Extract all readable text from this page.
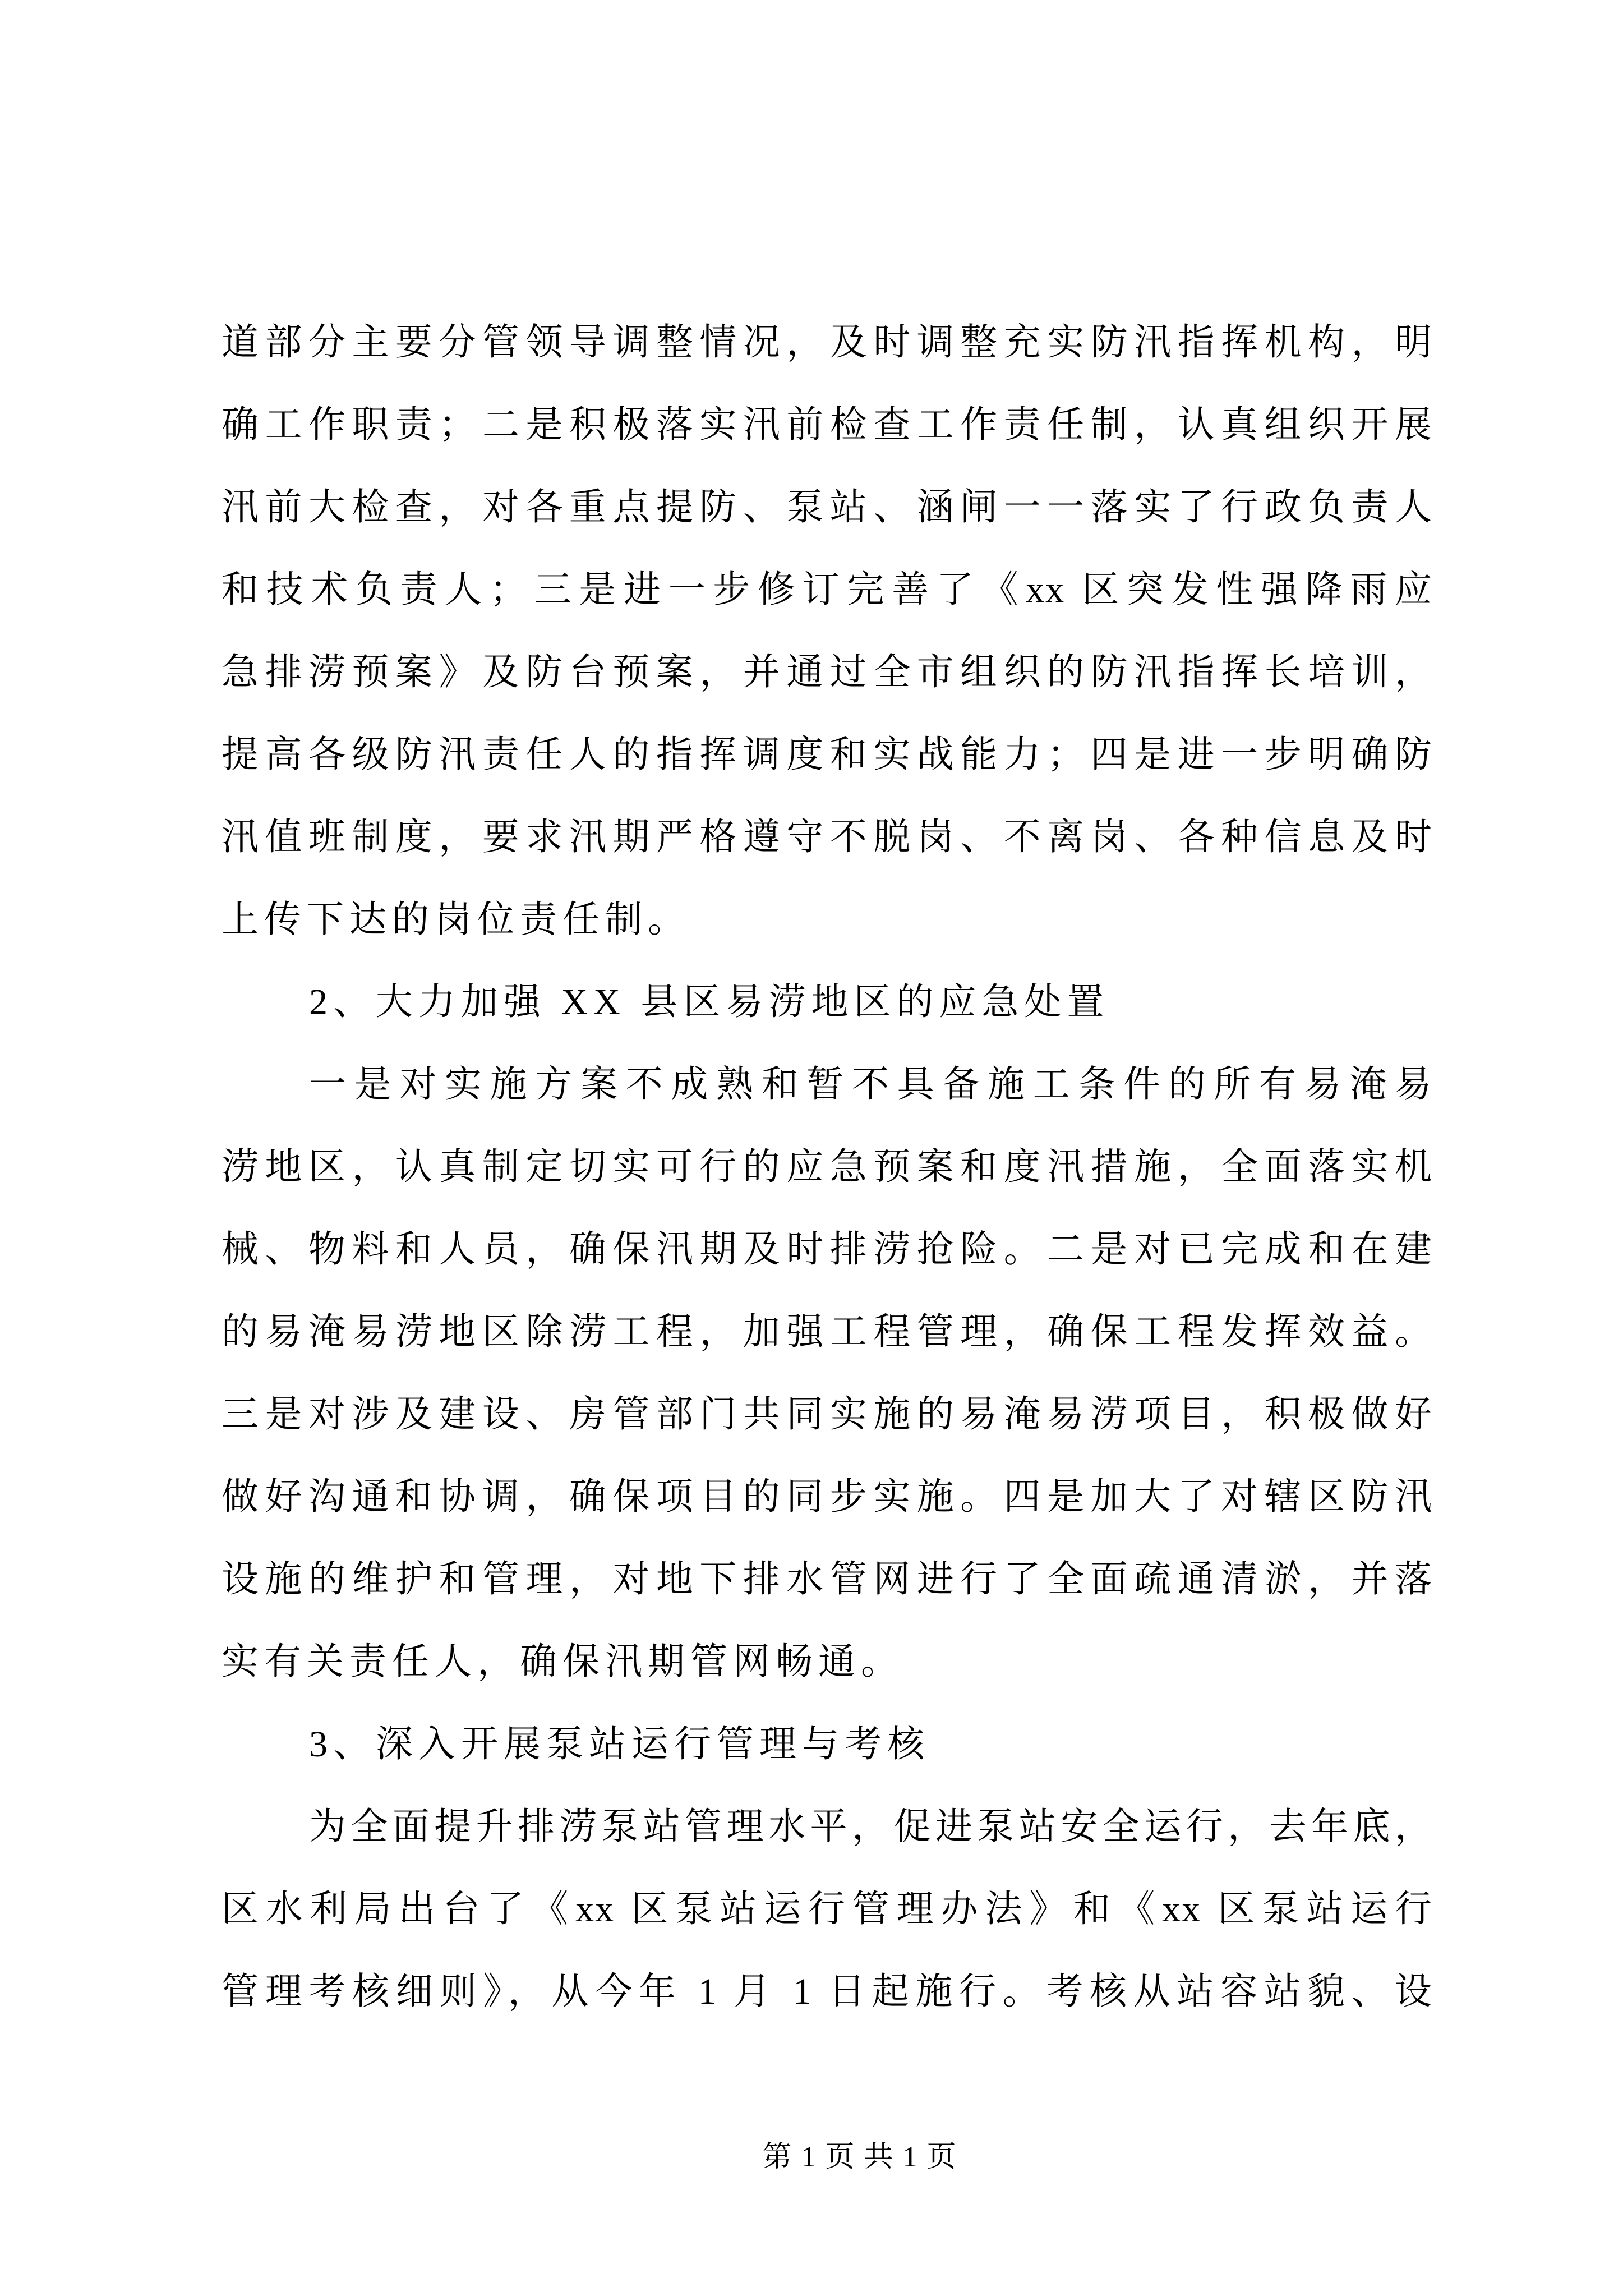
道部分主要分管领导调整情况，及时调整充实防汛指挥机构，明
确工作职责；二是积极落实汛前检查工作责任制，认真组织开展
汛前大检查，对各重点提防、泵站、涵闸一一落实了行政负责人
和技术负责人；三是进一步修订完善了《xx 区突发性强降雨应
急排涝预案》及防台预案，并通过全市组织的防汛指挥长培训，
提高各级防汛责任人的指挥调度和实战能力；四是进一步明确防
汛值班制度，要求汛期严格遵守不脱岗、不离岗、各种信息及时
上传下达的岗位责任制。
2、大力加强 XX 县区易涝地区的应急处置
一是对实施方案不成熟和暂不具备施工条件的所有易淹易
涝地区，认真制定切实可行的应急预案和度汛措施，全面落实机
械、物料和人员，确保汛期及时排涝抢险。二是对已完成和在建
的易淹易涝地区除涝工程，加强工程管理，确保工程发挥效益。
三是对涉及建设、房管部门共同实施的易淹易涝项目，积极做好
做好沟通和协调，确保项目的同步实施。四是加大了对辖区防汛
设施的维护和管理，对地下排水管网进行了全面疏通清淤，并落
实有关责任人，确保汛期管网畅通。
3、深入开展泵站运行管理与考核
为全面提升排涝泵站管理水平，促进泵站安全运行，去年底，
区水利局出台了《xx 区泵站运行管理办法》和《xx 区泵站运行
管理考核细则》，从今年 1 月 1 日起施行。考核从站容站貌、设
第 1 页 共 1 页
